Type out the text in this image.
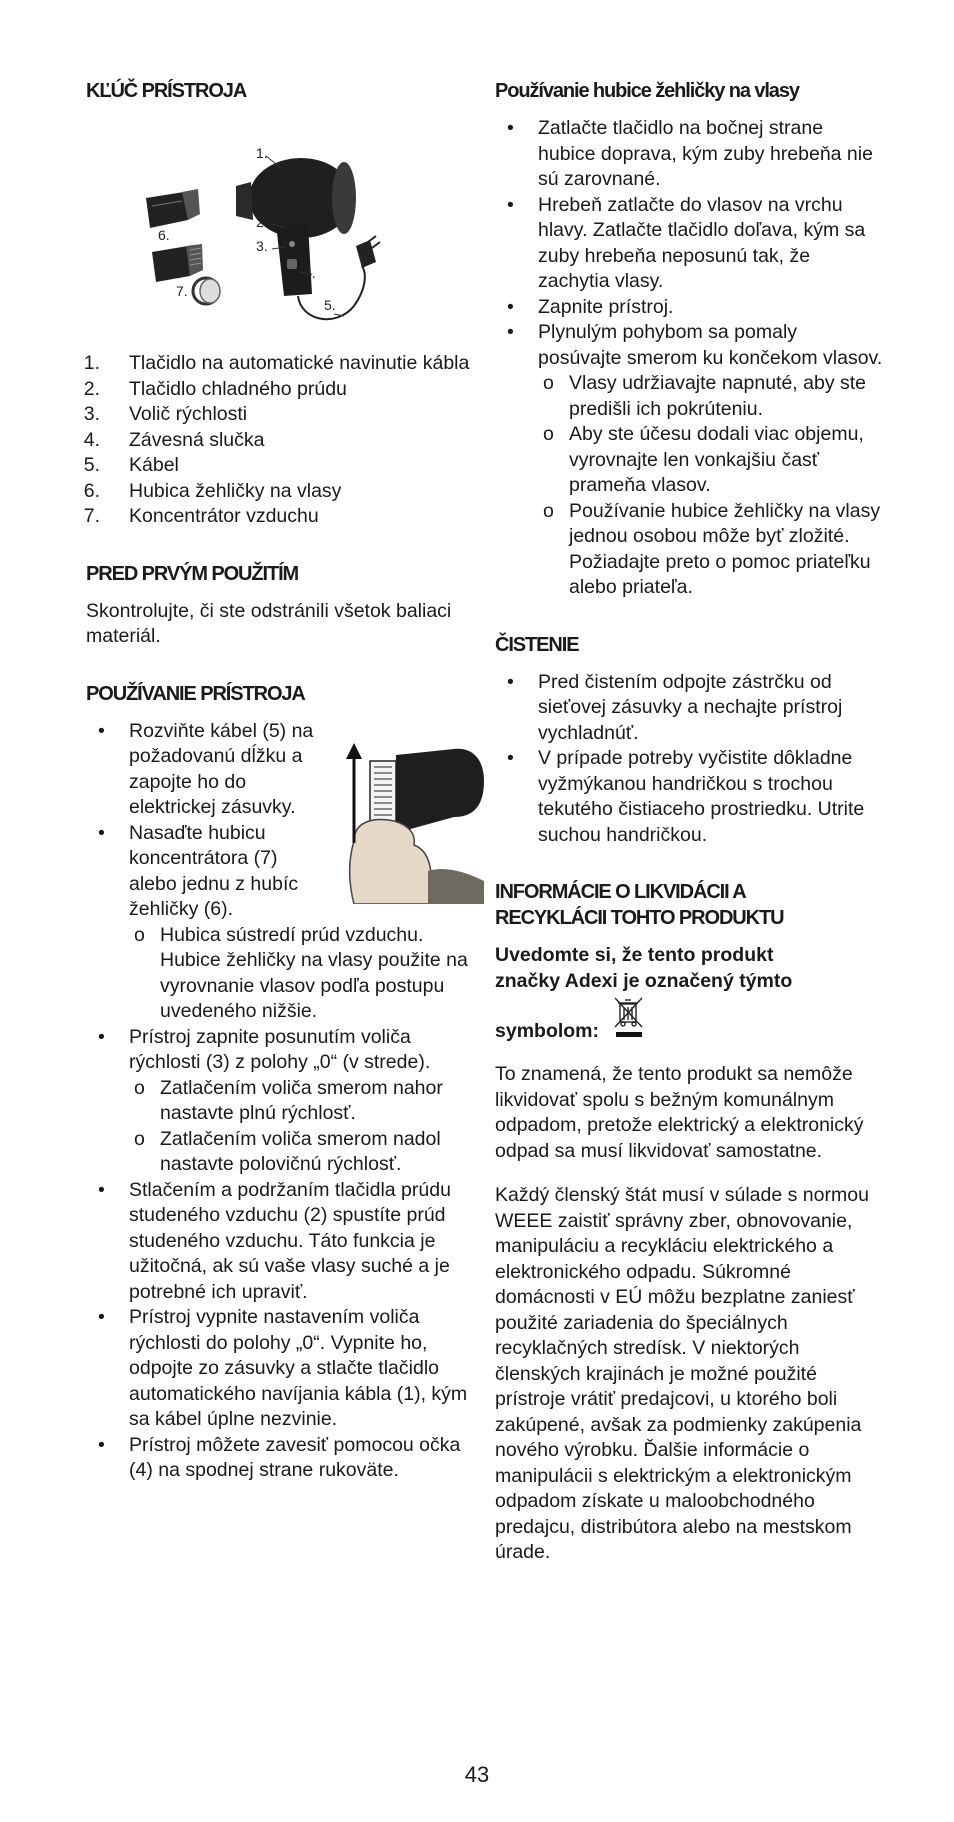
KĽÚČ PRÍSTROJA
1.
2.
3.
4.
5.
6.
7.
1. Tlačidlo na automatické navinutie kábla
2. Tlačidlo chladného prúdu
3. Volič rýchlosti
4. Závesná slučka
5. Kábel
6. Hubica žehličky na vlasy
7. Koncentrátor vzduchu
PRED PRVÝM POUŽITÍM

Skontrolujte, či ste odstránili všetok baliaci materiál.

POUŽÍVANIE PRÍSTROJA
• Rozviňte kábel (5) na požadovanú dĺžku a zapojte ho do elektrickej zásuvky.
• Nasaďte hubicu koncentrátora (7) alebo jednu z hubíc žehličky (6).
o Hubica sústredí prúd vzduchu. Hubice žehličky na vlasy použite na vyrovnanie vlasov podľa postupu uvedeného nižšie.
• Prístroj zapnite posunutím voliča rýchlosti (3) z polohy „0“ (v strede).
o Zatlačením voliča smerom nahor nastavte plnú rýchlosť.
o Zatlačením voliča smerom nadol nastavte polovičnú rýchlosť.
• Stlačením a podržaním tlačidla prúdu studeného vzduchu (2) spustíte prúd studeného vzduchu. Táto funkcia je užitočná, ak sú vaše vlasy suché a je potrebné ich upraviť.
• Prístroj vypnite nastavením voliča rýchlosti do polohy „0“. Vypnite ho, odpojte zo zásuvky a stlačte tlačidlo automatického navíjania kábla (1), kým sa kábel úplne nezvinie.
• Prístroj môžete zavesiť pomocou očka (4) na spodnej strane rukoväte.
Používanie hubice žehličky na vlasy
• Zatlačte tlačidlo na bočnej strane hubice doprava, kým zuby hrebeňa nie sú zarovnané.
• Hrebeň zatlačte do vlasov na vrchu hlavy. Zatlačte tlačidlo doľava, kým sa zuby hrebeňa neposunú tak, že zachytia vlasy.
• Zapnite prístroj.
• Plynulým pohybom sa pomaly posúvajte smerom ku končekom vlasov.
o Vlasy udržiavajte napnuté, aby ste predišli ich pokrúteniu.
o Aby ste účesu dodali viac objemu, vyrovnajte len vonkajšiu časť prameňa vlasov.
o Používanie hubice žehličky na vlasy jednou osobou môže byť zložité. Požiadajte preto o pomoc priateľku alebo priateľa.
ČISTENIE
• Pred čistením odpojte zástrčku od sieťovej zásuvky a nechajte prístroj vychladnúť.
• V prípade potreby vyčistite dôkladne vyžmýkanou handričkou s trochou tekutého čistiaceho prostriedku. Utrite suchou handričkou.
INFORMÁCIE O LIKVIDÁCII A
RECYKLÁCII TOHTO PRODUKTU

Uvedomte si, že tento produkt
značky Adexi je označený týmto

symbolom:

To znamená, že tento produkt sa nemôže likvidovať spolu s bežným komunálnym odpadom, pretože elektrický a elektronický odpad sa musí likvidovať samostatne.

Každý členský štát musí v súlade s normou WEEE zaistiť správny zber, obnovovanie, manipuláciu a recykláciu elektrického a elektronického odpadu. Súkromné domácnosti v EÚ môžu bezplatne zaniesť použité zariadenia do špeciálnych recyklačných stredísk. V niektorých členských krajinách je možné použité prístroje vrátiť predajcovi, u ktorého boli zakúpené, avšak za podmienky zakúpenia nového výrobku. Ďalšie informácie o manipulácii s elektrickým a elektronickým odpadom získate u maloobchodného predajcu, distribútora alebo na mestskom úrade.

43
